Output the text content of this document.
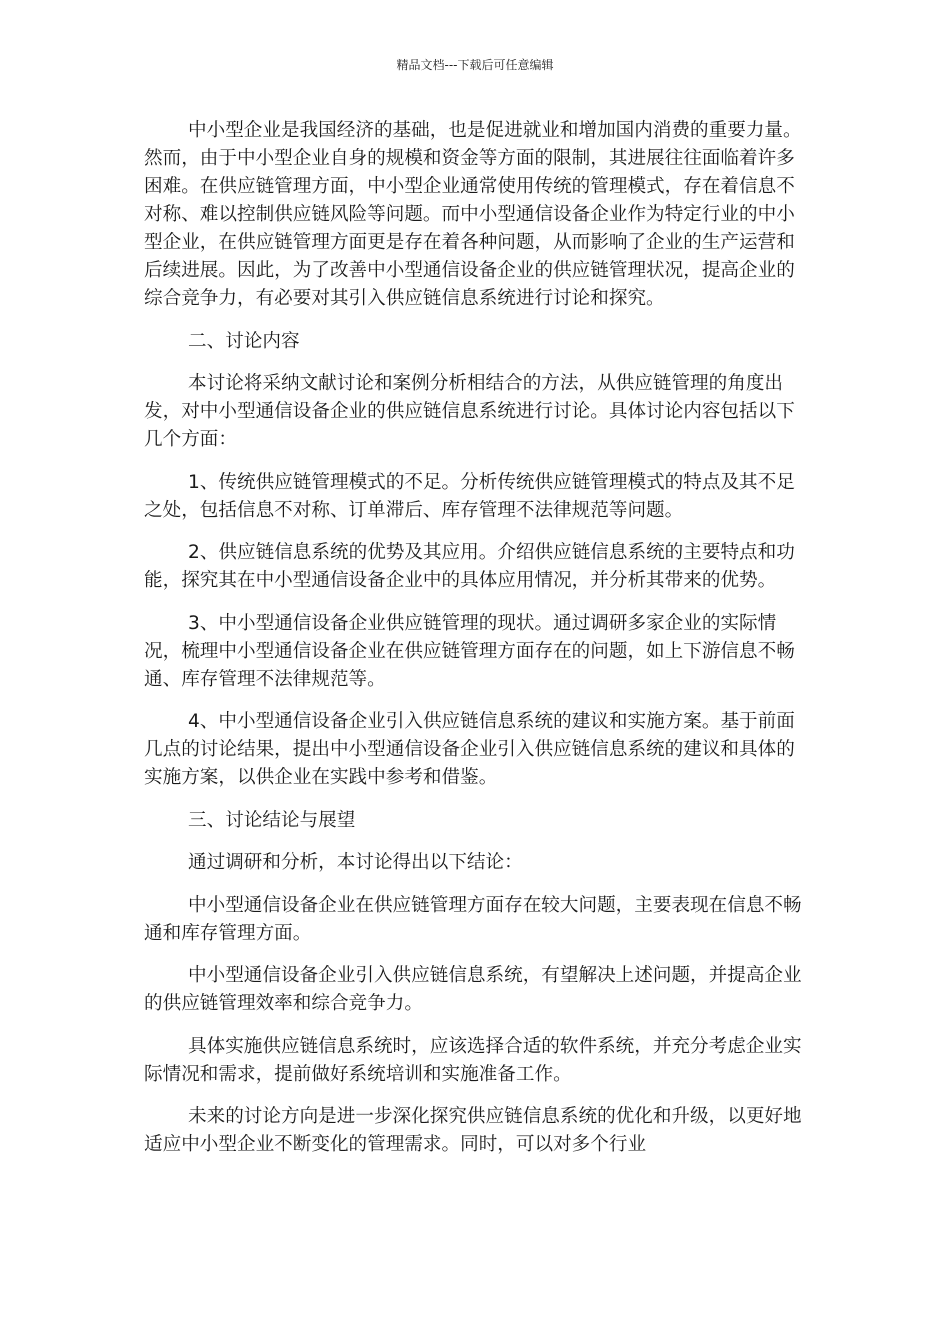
精品文档---下载后可任意编辑

中小型企业是我国经济的基础，也是促进就业和增加国内消费的重要力量。然而，由于中小型企业自身的规模和资金等方面的限制，其进展往往面临着许多困难。在供应链管理方面，中小型企业通常使用传统的管理模式，存在着信息不对称、难以控制供应链风险等问题。而中小型通信设备企业作为特定行业的中小型企业，在供应链管理方面更是存在着各种问题，从而影响了企业的生产运营和后续进展。因此，为了改善中小型通信设备企业的供应链管理状况，提高企业的综合竞争力，有必要对其引入供应链信息系统进行讨论和探究。

二、讨论内容

本讨论将采纳文献讨论和案例分析相结合的方法，从供应链管理的角度出发，对中小型通信设备企业的供应链信息系统进行讨论。具体讨论内容包括以下几个方面：

1、传统供应链管理模式的不足。分析传统供应链管理模式的特点及其不足之处，包括信息不对称、订单滞后、库存管理不法律规范等问题。

2、供应链信息系统的优势及其应用。介绍供应链信息系统的主要特点和功能，探究其在中小型通信设备企业中的具体应用情况，并分析其带来的优势。

3、中小型通信设备企业供应链管理的现状。通过调研多家企业的实际情况，梳理中小型通信设备企业在供应链管理方面存在的问题，如上下游信息不畅通、库存管理不法律规范等。

4、中小型通信设备企业引入供应链信息系统的建议和实施方案。基于前面几点的讨论结果，提出中小型通信设备企业引入供应链信息系统的建议和具体的实施方案，以供企业在实践中参考和借鉴。

三、讨论结论与展望

通过调研和分析，本讨论得出以下结论：

中小型通信设备企业在供应链管理方面存在较大问题，主要表现在信息不畅通和库存管理方面。

中小型通信设备企业引入供应链信息系统，有望解决上述问题，并提高企业的供应链管理效率和综合竞争力。

具体实施供应链信息系统时，应该选择合适的软件系统，并充分考虑企业实际情况和需求，提前做好系统培训和实施准备工作。

未来的讨论方向是进一步深化探究供应链信息系统的优化和升级，以更好地适应中小型企业不断变化的管理需求。同时，可以对多个行业
